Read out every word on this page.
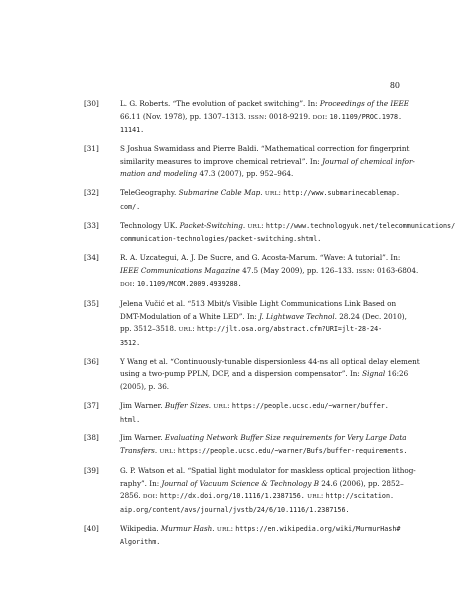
80
[30]	L. G. Roberts. “The evolution of packet switching”. In: Proceedings of the IEEE
66.11 (Nov. 1978), pp. 1307–1313. ISSN: 0018-9219. DOI: 10.1109/PROC.1978.
11141.
[31]	S Joshua Swamidass and Pierre Baldi. “Mathematical correction for fingerprint
similarity measures to improve chemical retrieval”. In: Journal of chemical infor-
mation and modeling 47.3 (2007), pp. 952–964.
[32]	TeleGeography. Submarine Cable Map. URL: http://www.submarinecablemap.
com/.
[33]	Technology UK. Packet-Switching. URL: http://www.technologyuk.net/telecommunications/
communication-technologies/packet-switching.shtml.
[34]	R. A. Uzcategui, A. J. De Sucre, and G. Acosta-Marum. “Wave: A tutorial”. In:
IEEE Communications Magazine 47.5 (May 2009), pp. 126–133. ISSN: 0163-6804.
DOI: 10.1109/MCOM.2009.4939288.
[35]	Jelena Vučić et al. “513 Mbit/s Visible Light Communications Link Based on
DMT-Modulation of a White LED”. In: J. Lightwave Technol. 28.24 (Dec. 2010),
pp. 3512–3518. URL: http://jlt.osa.org/abstract.cfm?URI=jlt-28-24-
3512.
[36]	Y Wang et al. “Continuously-tunable dispersionless 44-ns all optical delay element
using a two-pump PPLN, DCF, and a dispersion compensator”. In: Signal 16:26
(2005), p. 36.
[37]	Jim Warner. Buffer Sizes. URL: https://people.ucsc.edu/~warner/buffer.
html.
[38]	Jim Warner. Evaluating Network Buffer Size requirements for Very Large Data
Transfers. URL: https://people.ucsc.edu/~warner/Bufs/buffer-requirements.
[39]	G. P. Watson et al. “Spatial light modulator for maskless optical projection lithog-
raphy”. In: Journal of Vacuum Science & Technology B 24.6 (2006), pp. 2852–
2856. DOI: http://dx.doi.org/10.1116/1.2387156. URL: http://scitation.
aip.org/content/avs/journal/jvstb/24/6/10.1116/1.2387156.
[40]	Wikipedia. Murmur Hash. URL: https://en.wikipedia.org/wiki/MurmurHash#
Algorithm.
